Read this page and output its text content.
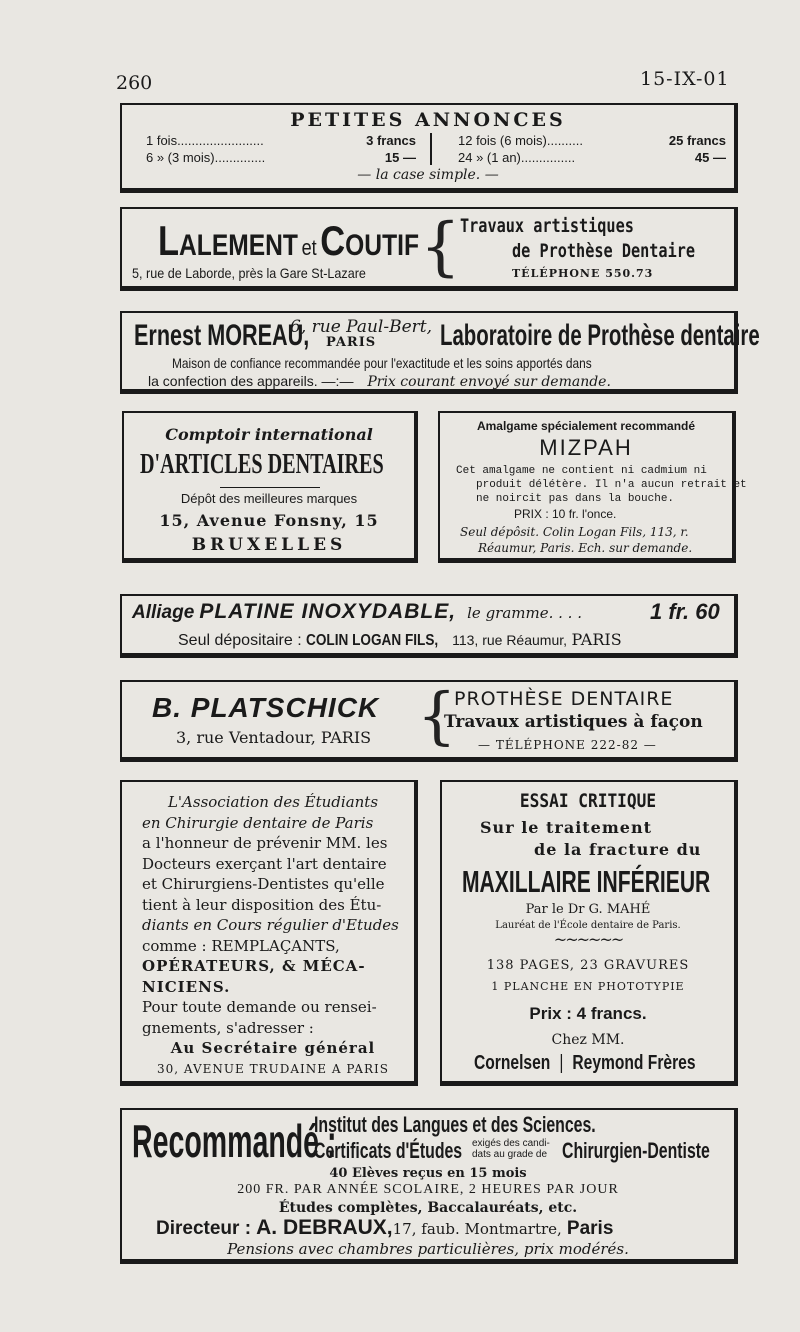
260	15-IX-01
PETITES ANNONCES
1 fois........................	3 francs
6 » (3 mois)..............	15 —
12 fois (6 mois)..........	25 francs
24 » (1 an)...............	45 —
— la case simple. —
LALEMENT et COUTIF
5, rue de Laborde, près la Gare St-Lazare { Travaux artistiques
de Prothèse Dentaire
TÉLÉPHONE 550.73
Ernest MOREAU,
6, rue Paul-Bert,
PARIS Laboratoire de Prothèse dentaire
Maison de confiance recommandée pour l'exactitude et les soins apportés dans
la confection des appareils. —:— Prix courant envoyé sur demande.
Comptoir international
D'ARTICLES DENTAIRES
Dépôt des meilleures marques
15, Avenue Fonsny, 15
BRUXELLES
Amalgame spécialement recommandé
MIZPAH
Cet amalgame ne contient ni cadmium ni
produit délétère. Il n'a aucun retrait et
ne noircit pas dans la bouche.
PRIX : 10 fr. l'once.
Seul dépôsit. Colin Logan Fils, 113, r.
Réaumur, Paris. Ech. sur demande.
Alliage PLATINE INOXYDABLE, le gramme. . . .	1 fr. 60
Seul dépositaire : COLIN LOGAN FILS, 113, rue Réaumur, PARIS
B. PLATSCHICK
3, rue Ventadour, PARIS {
PROTHÈSE DENTAIRE
Travaux artistiques à façon
— TÉLÉPHONE 222-82 —
L'Association des Étudiants
en Chirurgie dentaire de Paris
a l'honneur de prévenir MM. les
Docteurs exerçant l'art dentaire
et Chirurgiens-Dentistes qu'elle
tient à leur disposition des Étu-
diants en Cours régulier d'Etudes
comme : REMPLAÇANTS,
OPÉRATEURS, & MÉCA-
NICIENS.
Pour toute demande ou rensei-
gnements, s'adresser :
Au Secrétaire général
30, AVENUE TRUDAINE A PARIS
ESSAI CRITIQUE
Sur le traitement
de la fracture du
MAXILLAIRE INFÉRIEUR
Par le Dr G. MAHÉ
Lauréat de l'École dentaire de Paris.
~~~~~~
138 PAGES, 23 GRAVURES
1 PLANCHE EN PHOTOTYPIE
Prix : 4 francs.
Chez MM.
Cornelsen | Reymond Frères
Recommandé :
Institut des Langues et des Sciences.
Certificats d'Études exigés des candi-
dats au grade de Chirurgien-Dentiste
40 Elèves reçus en 15 mois
200 FR. PAR ANNÉE SCOLAIRE, 2 HEURES PAR JOUR
Études complètes, Baccalauréats, etc.
Directeur : A. DEBRAUX,17, faub. Montmartre, Paris
Pensions avec chambres particulières, prix modérés.
